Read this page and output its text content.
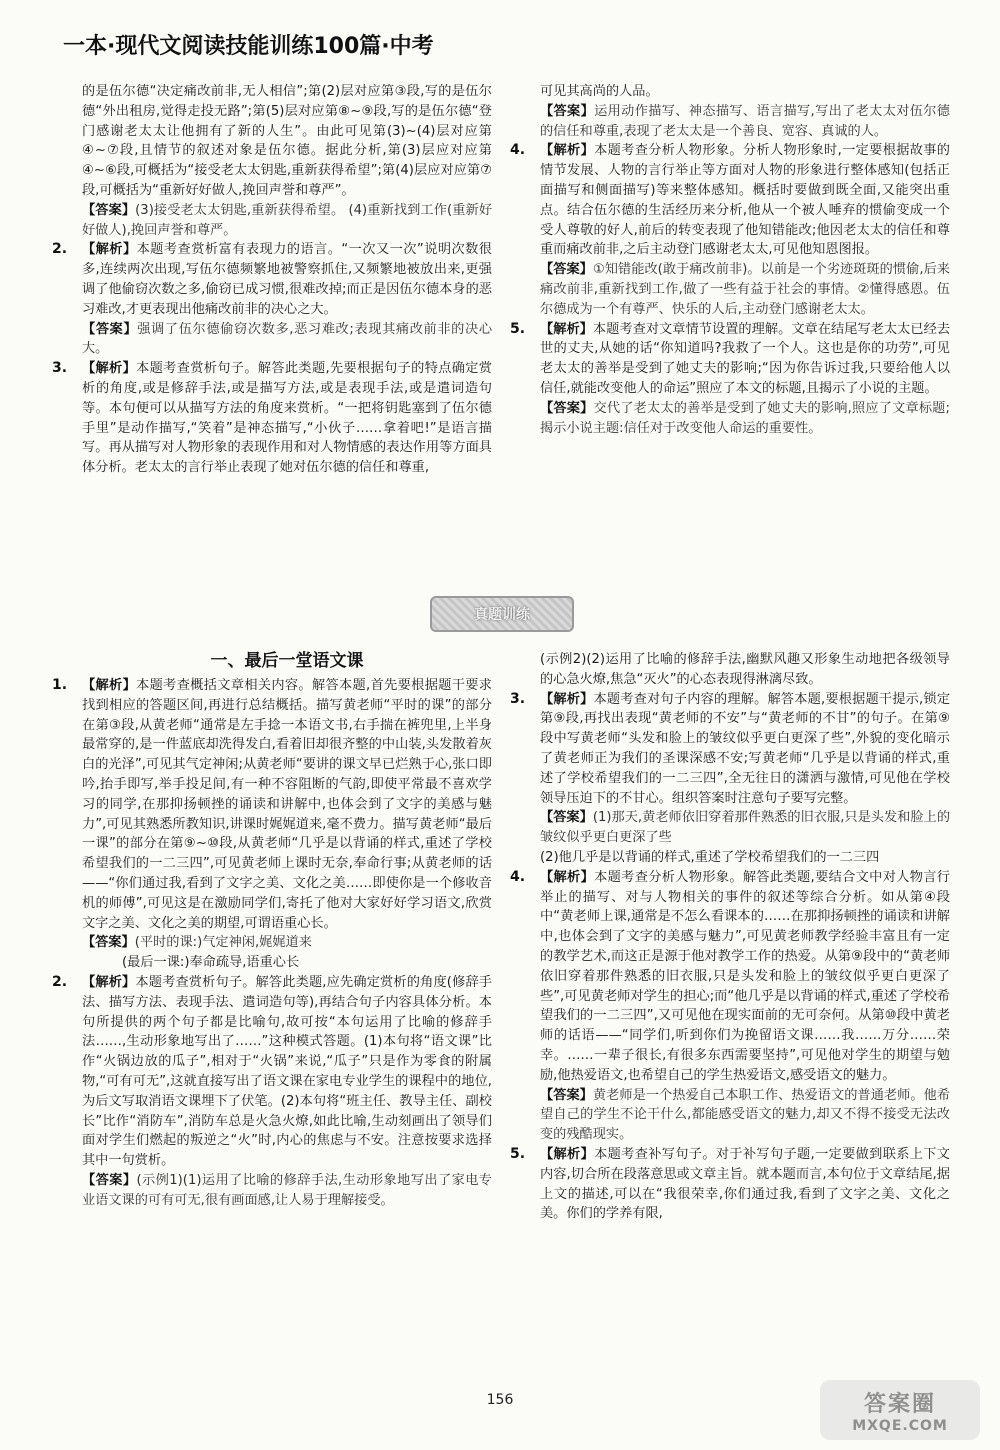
一本·现代文阅读技能训练100篇·中考

的是伍尔德“决定痛改前非,无人相信”;第(2)层对应第③段,写的是伍尔德“外出租房,觉得走投无路”;第(5)层对应第⑧~⑨段,写的是伍尔德“登门感谢老太太让他拥有了新的人生”。由此可见第(3)~(4)层对应第④~⑦段,且情节的叙述对象是伍尔德。据此分析,第(3)层应对应第④~⑥段,可概括为“接受老太太钥匙,重新获得希望”;第(4)层应对应第⑦段,可概括为“重新好好做人,挽回声誉和尊严”。

【答案】(3)接受老太太钥匙,重新获得希望。 (4)重新找到工作(重新好好做人),挽回声誉和尊严。

2. 【解析】本题考查赏析富有表现力的语言。“一次又一次”说明次数很多,连续两次出现,写伍尔德频繁地被警察抓住,又频繁地被放出来,更强调了他偷窃次数之多,偷窃已成习惯,很难改掉;而正是因伍尔德本身的恶习难改,才更表现出他痛改前非的决心之大。

【答案】强调了伍尔德偷窃次数多,恶习难改;表现其痛改前非的决心大。

3. 【解析】本题考查赏析句子。解答此类题,先要根据句子的特点确定赏析的角度,或是修辞手法,或是描写方法,或是表现手法,或是遣词造句等。本句便可以从描写方法的角度来赏析。“一把将钥匙塞到了伍尔德手里”是动作描写,“笑着”是神态描写,“小伙子……拿着吧!”是语言描写。再从描写对人物形象的表现作用和对人物情感的表达作用等方面具体分析。老太太的言行举止表现了她对伍尔德的信任和尊重,

可见其高尚的人品。

【答案】运用动作描写、神态描写、语言描写,写出了老太太对伍尔德的信任和尊重,表现了老太太是一个善良、宽容、真诚的人。

4. 【解析】本题考查分析人物形象。分析人物形象时,一定要根据故事的情节发展、人物的言行举止等方面对人物的形象进行整体感知(包括正面描写和侧面描写)等来整体感知。概括时要做到既全面,又能突出重点。结合伍尔德的生活经历来分析,他从一个被人唾弃的惯偷变成一个受人尊敬的好人,前后的转变表现了他知错能改;他因老太太的信任和尊重而痛改前非,之后主动登门感谢老太太,可见他知恩图报。

【答案】①知错能改(敢于痛改前非)。以前是一个劣迹斑斑的惯偷,后来痛改前非,重新找到工作,做了一些有益于社会的事情。②懂得感恩。伍尔德成为一个有尊严、快乐的人后,主动登门感谢老太太。

5. 【解析】本题考查对文章情节设置的理解。文章在结尾写老太太已经去世的丈夫,从她的话“你知道吗?我救了一个人。这也是你的功劳”,可见老太太的善举是受到了她丈夫的影响;“因为你告诉过我,只要给他人以信任,就能改变他人的命运”照应了本文的标题,且揭示了小说的主题。

【答案】交代了老太太的善举是受到了她丈夫的影响,照应了文章标题;揭示小说主题:信任对于改变他人命运的重要性。

真题训练
一、最后一堂语文课
1. 【解析】本题考查概括文章相关内容。解答本题,首先要根据题干要求找到相应的答题区间,再进行总结概括。描写黄老师“平时的课”的部分在第③段,从黄老师“通常是左手捻一本语文书,右手揣在裤兜里,上半身最常穿的,是一件蓝底却洗得发白,看着旧却很齐整的中山装,头发散着灰白的光泽”,可见其气定神闲;从黄老师“要讲的课文早已烂熟于心,张口即吟,抬手即写,举手投足间,有一种不容阻断的气韵,即使平常最不喜欢学习的同学,在那抑扬顿挫的诵读和讲解中,也体会到了文字的美感与魅力”,可见其熟悉所教知识,讲课时娓娓道来,毫不费力。描写黄老师“最后一课”的部分在第⑨~⑩段,从黄老师“几乎是以背诵的样式,重述了学校希望我们的一二三四”,可见黄老师上课时无奈,奉命行事;从黄老师的话——“你们通过我,看到了文字之美、文化之美……即使你是一个修收音机的师傅”,可见这是在激励同学们,寄托了他对大家好好学习语文,欣赏文字之美、文化之美的期望,可谓语重心长。

【答案】(平时的课:)气定神闲,娓娓道来

(最后一课:)奉命疏导,语重心长

2. 【解析】本题考查赏析句子。解答此类题,应先确定赏析的角度(修辞手法、描写方法、表现手法、遣词造句等),再结合句子内容具体分析。本句所提供的两个句子都是比喻句,故可按“本句运用了比喻的修辞手法……,生动形象地写出了……”这种模式答题。(1)本句将“语文课”比作“火锅边放的瓜子”,相对于“火锅”来说,“瓜子”只是作为零食的附属物,“可有可无”,这就直接写出了语文课在家电专业学生的课程中的地位,为后文写取消语文课埋下了伏笔。(2)本句将“班主任、教导主任、副校长”比作“消防车”,消防车总是火急火燎,如此比喻,生动刻画出了领导们面对学生们燃起的叛逆之“火”时,内心的焦虑与不安。注意按要求选择其中一句赏析。

【答案】(示例1)(1)运用了比喻的修辞手法,生动形象地写出了家电专业语文课的可有可无,很有画面感,让人易于理解接受。

(示例2)(2)运用了比喻的修辞手法,幽默风趣又形象生动地把各级领导的心急火燎,焦急“灭火”的心态表现得淋漓尽致。

3. 【解析】本题考查对句子内容的理解。解答本题,要根据题干提示,锁定第⑨段,再找出表现“黄老师的不安”与“黄老师的不甘”的句子。在第⑨段中写黄老师“头发和脸上的皱纹似乎更白更深了些”,外貌的变化暗示了黄老师正为我们的圣课深感不安;写黄老师“几乎是以背诵的样式,重述了学校希望我们的一二三四”,全无往日的潇洒与激情,可见他在学校领导压迫下的不甘心。组织答案时注意句子要写完整。

【答案】(1)那天,黄老师依旧穿着那件熟悉的旧衣服,只是头发和脸上的皱纹似乎更白更深了些

(2)他几乎是以背诵的样式,重述了学校希望我们的一二三四

4. 【解析】本题考查分析人物形象。解答此类题,要结合文中对人物言行举止的描写、对与人物相关的事件的叙述等综合分析。如从第④段中“黄老师上课,通常是不怎么看课本的……在那抑扬顿挫的诵读和讲解中,也体会到了文字的美感与魅力”,可见黄老师教学经验丰富且有一定的教学艺术,而这正是源于他对教学工作的热爱。从第⑨段中的“黄老师依旧穿着那件熟悉的旧衣服,只是头发和脸上的皱纹似乎更白更深了些”,可见黄老师对学生的担心;而“他几乎是以背诵的样式,重述了学校希望我们的一二三四”,又可见他在现实面前的无可奈何。从第⑩段中黄老师的话语——“同学们,听到你们为挽留语文课……我……万分……荣幸。……一辈子很长,有很多东西需要坚持”,可见他对学生的期望与勉励,他热爱语文,也希望自己的学生热爱语文,感受语文的魅力。

【答案】黄老师是一个热爱自己本职工作、热爱语文的普通老师。他希望自己的学生不论干什么,都能感受语文的魅力,却又不得不接受无法改变的残酷现实。

5. 【解析】本题考查补写句子。对于补写句子题,一定要做到联系上下文内容,切合所在段落意思或文章主旨。就本题而言,本句位于文章结尾,据上文的描述,可以在“我很荣幸,你们通过我,看到了文字之美、文化之美。你们的学养有限,

156	答案圈
MXQE.COM
